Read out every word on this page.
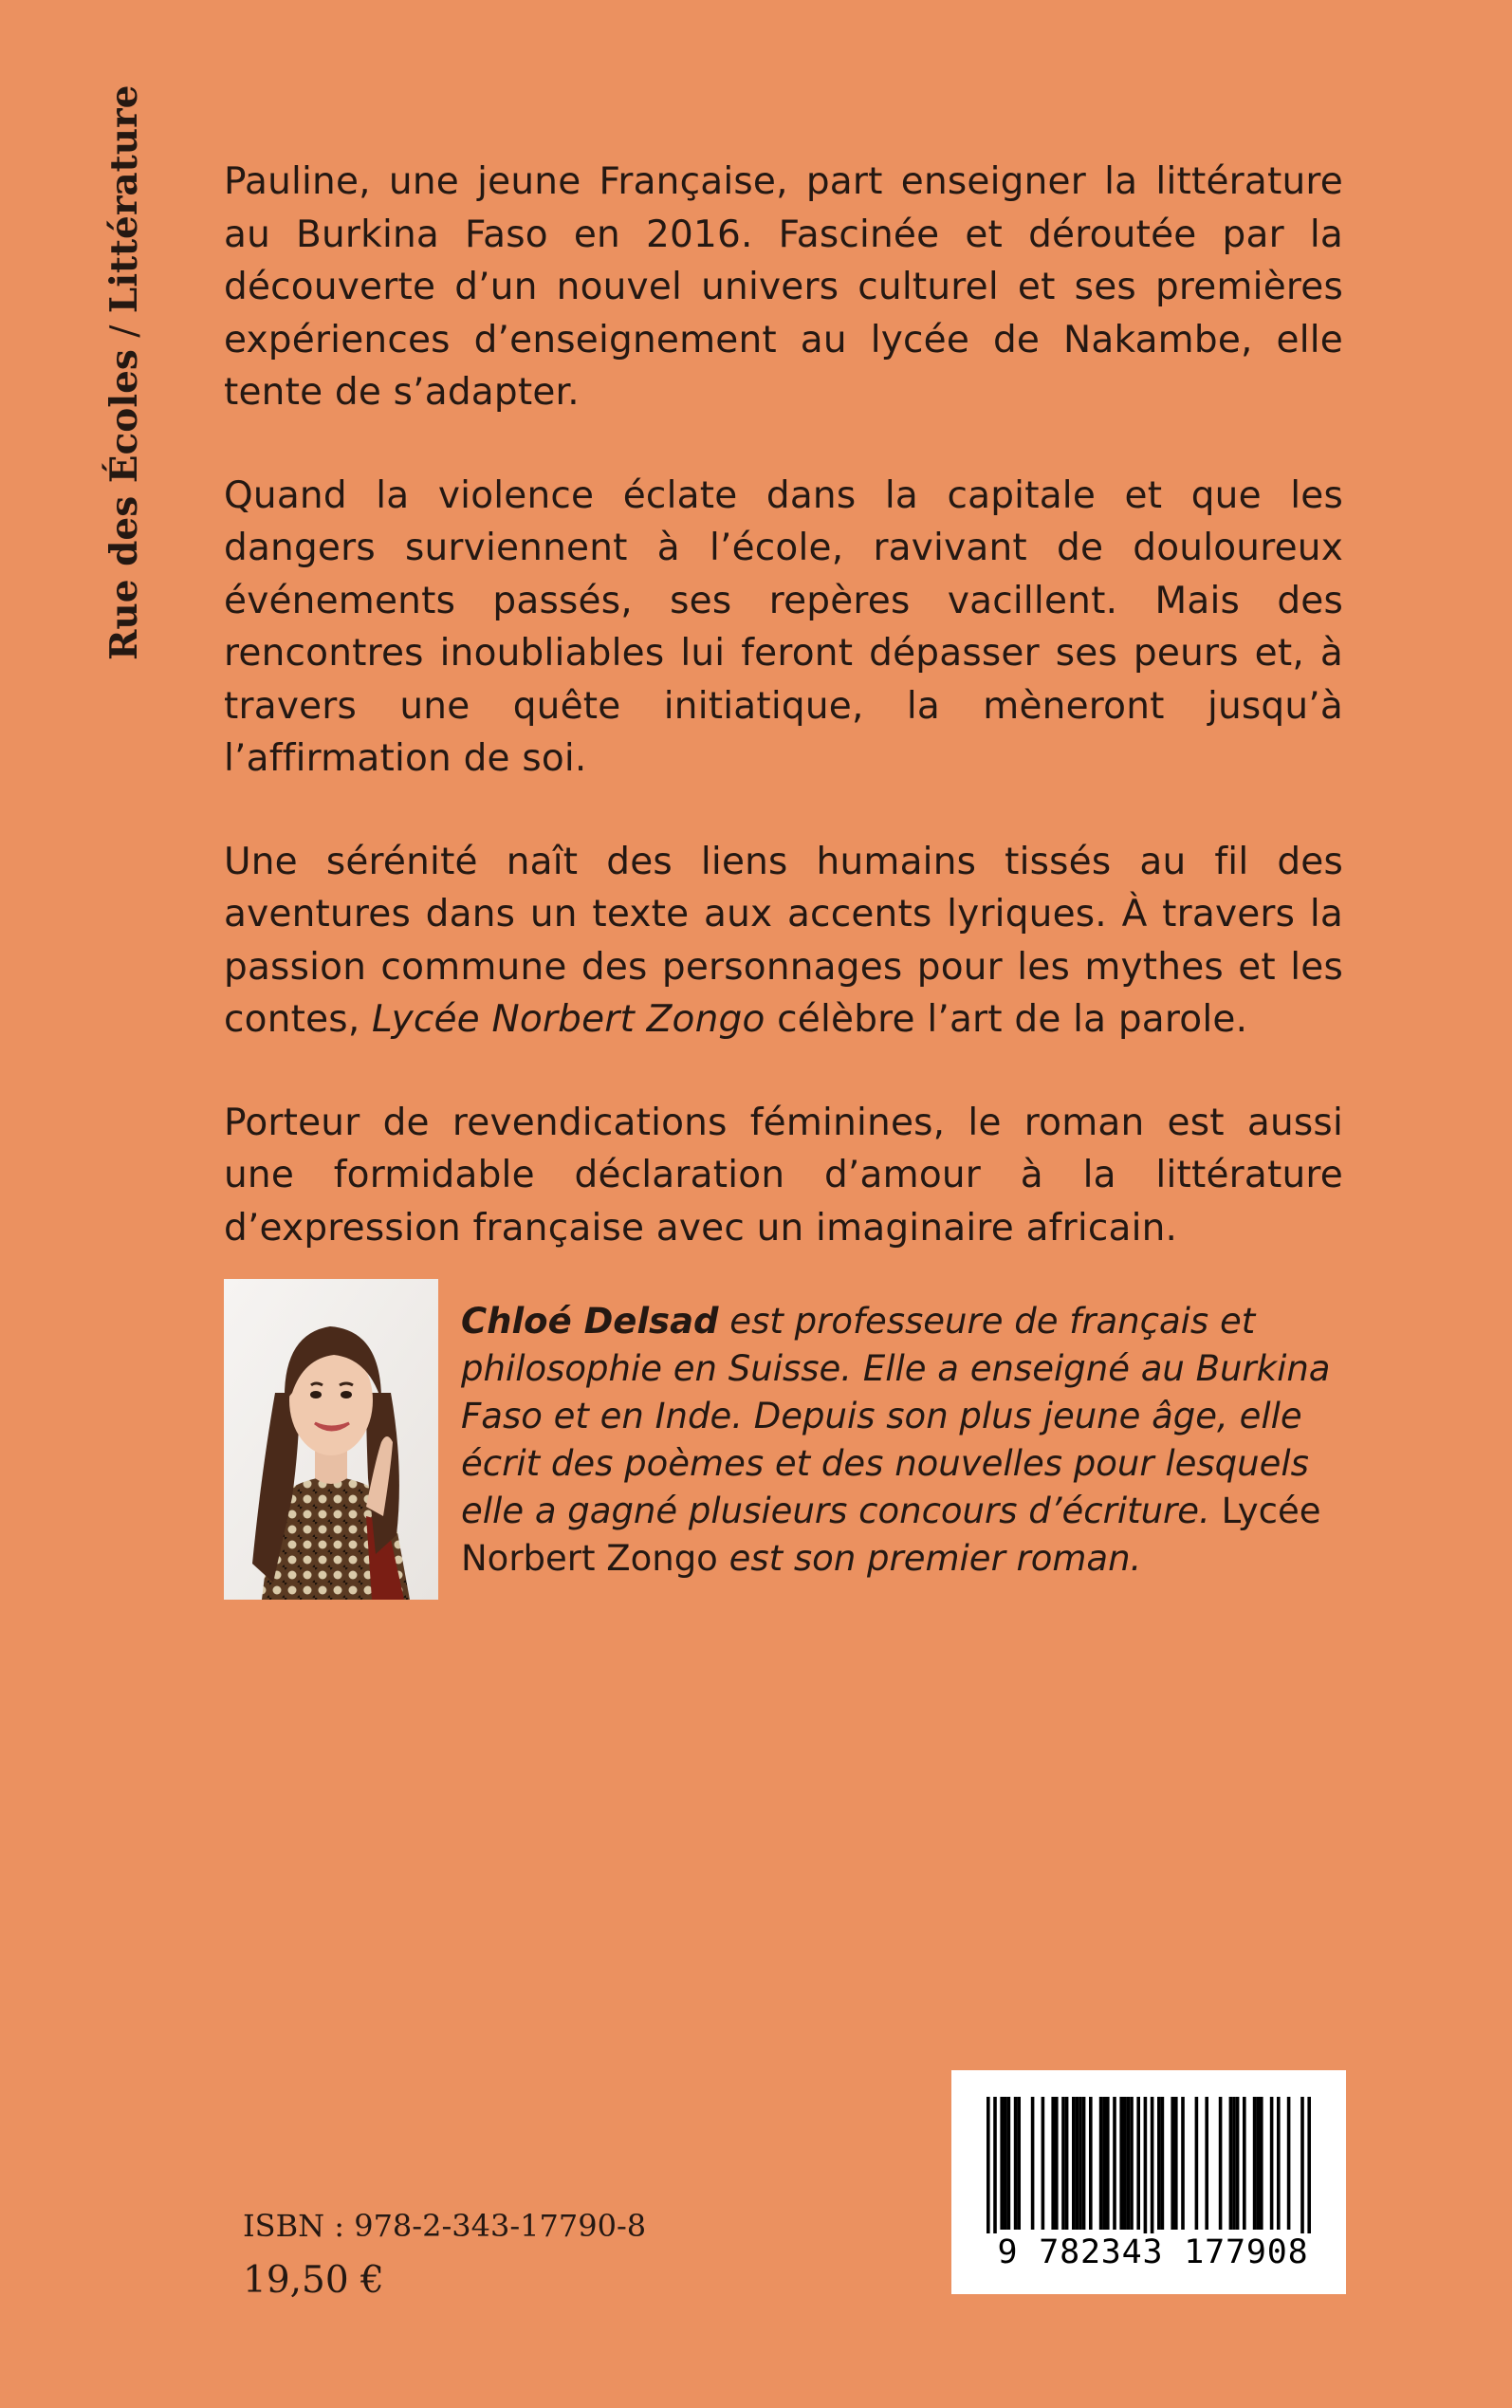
Rue des Écoles / Littérature Pauline, une jeune Française, part enseigner la littérature au Burkina Faso en 2016. Fascinée et déroutée par la découverte d’un nouvel univers culturel et ses premières expériences d’enseignement au lycée de Nakambe, elle tente de s’adapter.

Quand la violence éclate dans la capitale et que les dangers surviennent à l’école, ravivant de douloureux événements passés, ses repères vacillent. Mais des rencontres inoubliables lui feront dépasser ses peurs et, à travers une quête initiatique, la mèneront jusqu’à l’affirmation de soi.

Une sérénité naît des liens humains tissés au fil des aventures dans un texte aux accents lyriques. À travers la passion commune des personnages pour les mythes et les contes, Lycée Norbert Zongo célèbre l’art de la parole.

Porteur de revendications féminines, le roman est aussi une formidable déclaration d’amour à la littérature d’expression française avec un imaginaire africain.

Chloé Delsad est professeure de français et philosophie en Suisse. Elle a enseigné au Burkina Faso et en Inde. Depuis son plus jeune âge, elle écrit des poèmes et des nouvelles pour lesquels elle a gagné plusieurs concours d’écriture. Lycée Norbert Zongo est son premier roman.

ISBN : 978-2-343-17790-8

19,50 €

9 782343 177908
